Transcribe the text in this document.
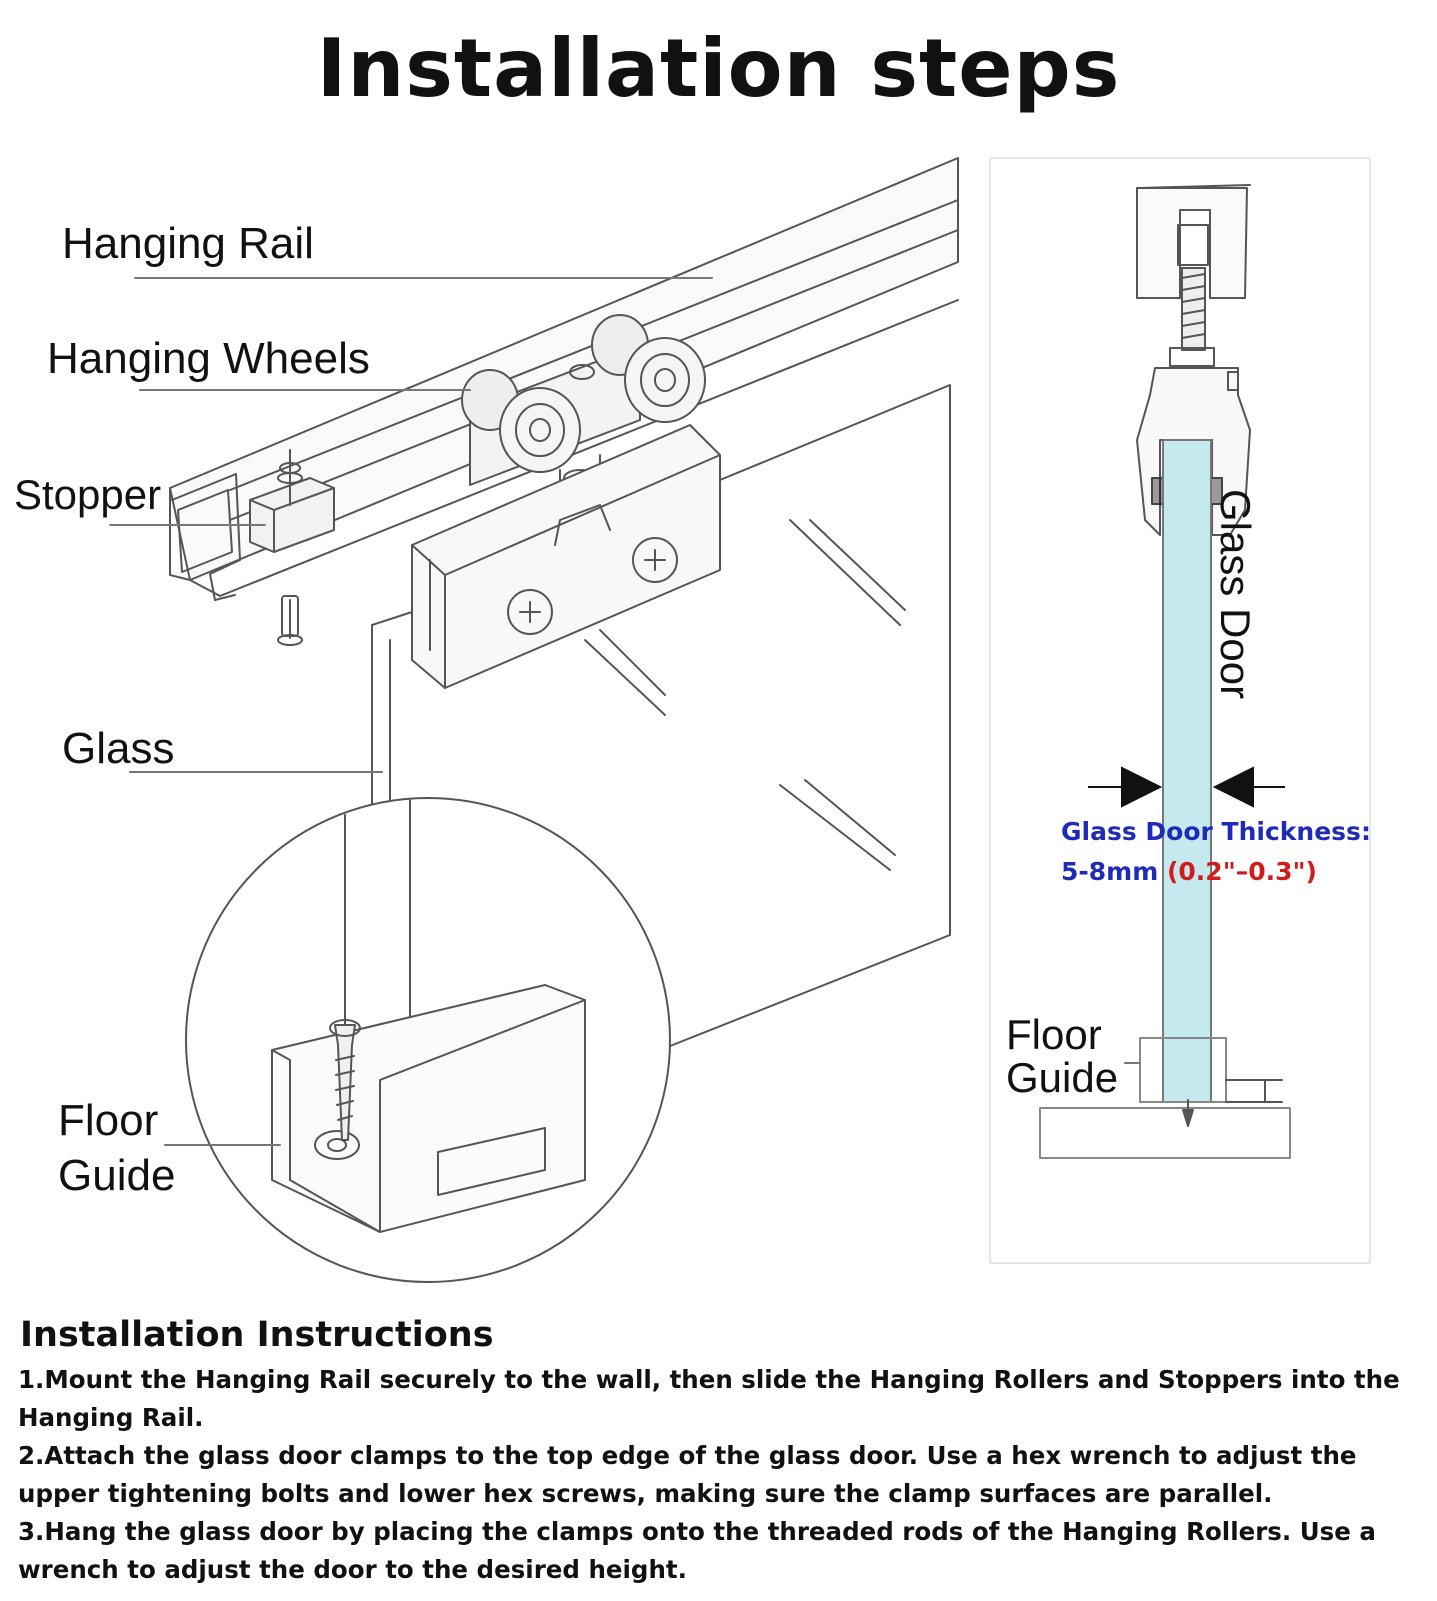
Installation steps
Hanging Rail
Hanging Wheels
Stopper
Glass
Floor
Guide
Glass Door
Glass Door Thickness:
5-8mm (0.2"–0.3")
Floor
Guide
Installation Instructions

1.Mount the Hanging Rail securely to the wall, then slide the Hanging Rollers and Stoppers into the Hanging Rail.

2.Attach the glass door clamps to the top edge of the glass door. Use a hex wrench to adjust the upper tightening bolts and lower hex screws, making sure the clamp surfaces are parallel.

3.Hang the glass door by placing the clamps onto the threaded rods of the Hanging Rollers. Use a wrench to adjust the door to the desired height.
